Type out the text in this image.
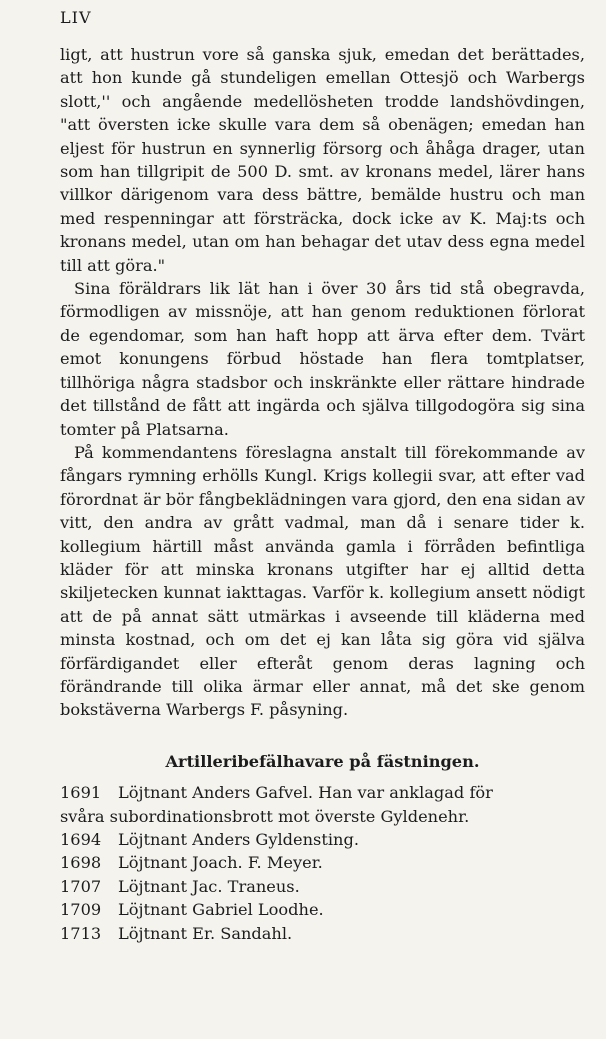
LIV

ligt, att hustrun vore så ganska sjuk, emedan det berättades, att hon kunde gå stundeligen emellan Ottesjö och Warbergs slott,'' och angående medellösheten trodde landshövdingen, "att översten icke skulle vara dem så obenägen; emedan han eljest för hustrun en synnerlig försorg och åhåga drager, utan som han tillgripit de 500 D. smt. av kronans medel, lärer hans villkor därigenom vara dess bättre, bemälde hustru och man med respenningar att försträcka, dock icke av K. Maj:ts och kronans medel, utan om han behagar det utav dess egna medel till att göra."

Sina föräldrars lik lät han i över 30 års tid stå obegravda, förmodligen av missnöje, att han genom reduktionen förlorat de egendomar, som han haft hopp att ärva efter dem. Tvärt emot konungens förbud höstade han flera tomtplatser, tillhöriga några stadsbor och inskränkte eller rättare hindrade det tillstånd de fått att ingärda och själva tillgodogöra sig sina tomter på Platsarna.

På kommendantens föreslagna anstalt till förekommande av fångars rymning erhölls Kungl. Krigs kollegii svar, att efter vad förordnat är bör fångbeklädningen vara gjord, den ena sidan av vitt, den andra av grått vadmal, man då i senare tider k. kollegium härtill måst använda gamla i förråden befintliga kläder för att minska kronans utgifter har ej alltid detta skiljetecken kunnat iakttagas. Varför k. kollegium ansett nödigt att de på annat sätt utmärkas i avseende till kläderna med minsta kostnad, och om det ej kan låta sig göra vid själva förfärdigandet eller efteråt genom deras lagning och förändrande till olika ärmar eller annat, må det ske genom bokstäverna Warbergs F. påsyning.

Artilleribefälhavare på fästningen.

1691 Löjtnant Anders Gafvel. Han var anklagad för

svåra subordinationsbrott mot överste Gyldenehr.

1694 Löjtnant Anders Gyldensting.

1698 Löjtnant Joach. F. Meyer.

1707 Löjtnant Jac. Traneus.

1709 Löjtnant Gabriel Loodhe.

1713 Löjtnant Er. Sandahl.
